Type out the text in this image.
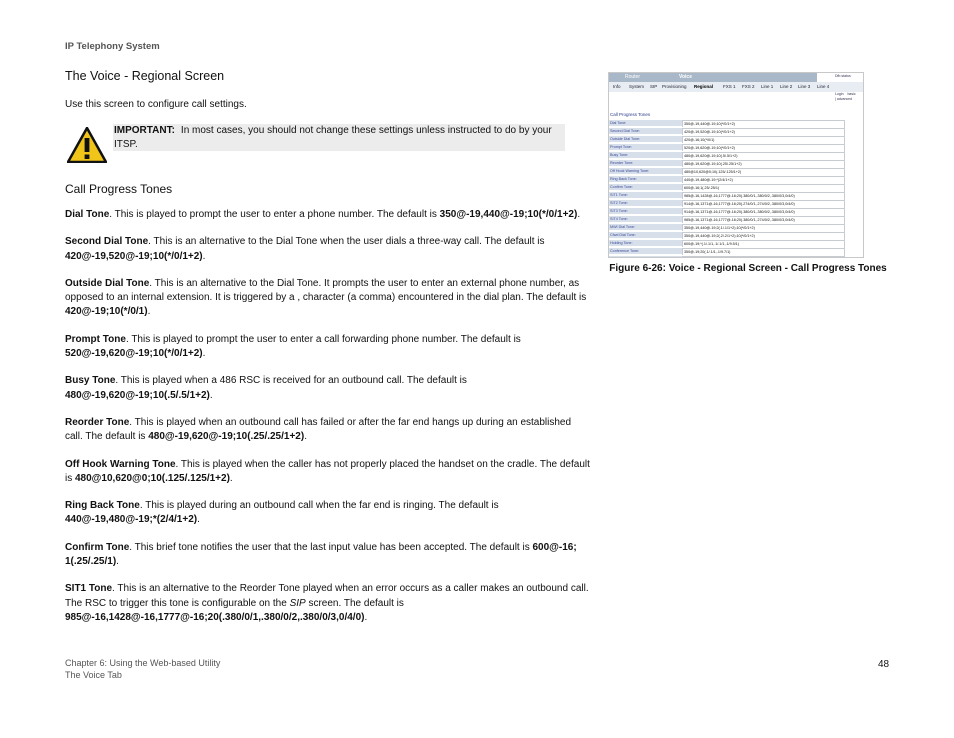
IP Telephony System
The Voice - Regional Screen
Use this screen to configure call settings.
IMPORTANT: In most cases, you should not change these settings unless instructed to do by your ITSP.
Call Progress Tones

Dial Tone. This is played to prompt the user to enter a phone number. The default is 350@-19,440@-19;10(*/0/1+2).

Second Dial Tone. This is an alternative to the Dial Tone when the user dials a three-way call. The default is 420@-19,520@-19;10(*/0/1+2).

Outside Dial Tone. This is an alternative to the Dial Tone. It prompts the user to enter an external phone number, as opposed to an internal extension. It is triggered by a , character (a comma) encountered in the dial plan. The default is 420@-19;10(*/0/1).

Prompt Tone. This is played to prompt the user to enter a call forwarding phone number. The default is 520@-19,620@-19;10(*/0/1+2).

Busy Tone. This is played when a 486 RSC is received for an outbound call. The default is 480@-19,620@-19;10(.5/.5/1+2).

Reorder Tone. This is played when an outbound call has failed or after the far end hangs up during an established call. The default is 480@-19,620@-19;10(.25/.25/1+2).

Off Hook Warning Tone. This is played when the caller has not properly placed the handset on the cradle. The default is 480@10,620@0;10(.125/.125/1+2).

Ring Back Tone. This is played during an outbound call when the far end is ringing. The default is 440@-19,480@-19;*(2/4/1+2).

Confirm Tone. This brief tone notifies the user that the last input value has been accepted. The default is 600@-16; 1(.25/.25/1).

SIT1 Tone. This is an alternative to the Reorder Tone played when an error occurs as a caller makes an outbound call. The RSC to trigger this tone is configurable on the SIP screen. The default is 985@-16,1428@-16,1777@-16;20(.380/0/1,.380/0/2,.380/0/3,0/4/0).

Router	Voice	Dfb status
Login basic
| advanced
Info System SIP Provisioning Regional FXS 1 FXS 2 Line 1 Line 2 Line 3 Line 4
Call Progress Tones
Dial Tone:	350@-19,440@-19;10(*/0/1+2)
Second Dial Tone:	420@-19,520@-19;10(*/0/1+2)
Outside Dial Tone:	420@-16;10(*/0/1)
Prompt Tone:	520@-19,620@-19;10(*/0/1+2)
Busy Tone:	480@-19,620@-19;10(.5/.5/1+2)
Reorder Tone:	480@-19,620@-19;10(.25/.25/1+2)
Off Hook Warning Tone:	480@10,620@0;10(.125/.125/1+2)
Ring Back Tone:	440@-19,480@-19;*(2/4/1+2)
Confirm Tone:	600@-16;1(.25/.25/1)
SIT1 Tone:	985@-16,1428@-16,1777@-16;20(.380/0/1,.380/0/2,.380/0/3,0/4/0)
SIT2 Tone:	914@-16,1371@-16,1777@-16;20(.274/0/1,.274/0/2,.380/0/3,0/4/0)
SIT3 Tone:	914@-16,1371@-16,1777@-16;20(.380/0/1,.380/0/2,.380/0/3,0/4/0)
SIT4 Tone:	985@-16,1371@-16,1777@-16;20(.380/0/1,.274/0/2,.380/0/3,0/4/0)
MWI Dial Tone:	350@-19,440@-19;2(.1/.1/1+2);10(*/0/1+2)
Cfwd Dial Tone:	350@-19,440@-19;2(.2/.2/1+2);10(*/0/1+2)
Holding Tone:	600@-19;*(.1/.1/1,.1/.1/1,.1/9.5/1)
Conference Tone:	350@-19;20(.1/.1/1,.1/9.7/1)
Figure 6-26: Voice - Regional Screen - Call Progress Tones
Chapter 6: Using the Web-based Utility
The Voice Tab
48
